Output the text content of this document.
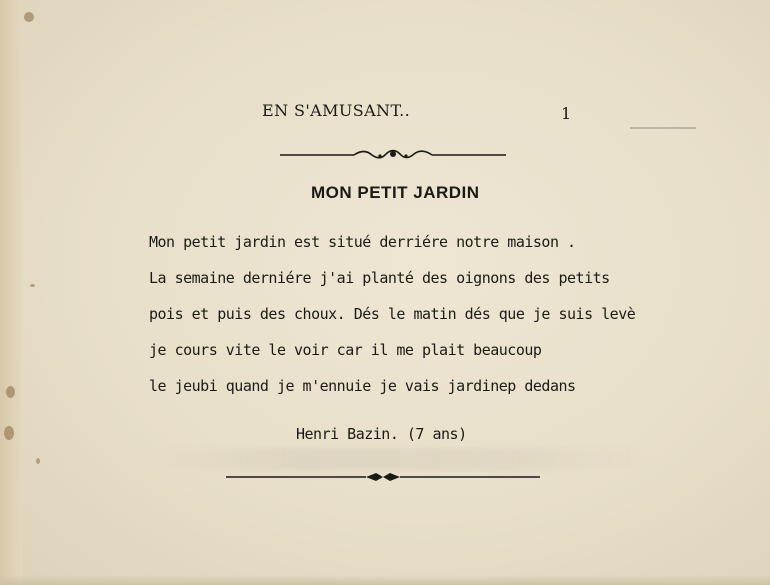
EN S'AMUSANT..	1
MON PETIT JARDIN
Mon petit jardin est situé derriére notre maison .
La semaine derniére j'ai planté des oignons des petits
pois et puis des choux. Dés le matin dés que je suis levè
je cours vite le voir car il me plait beaucoup
le jeubi quand je m'ennuie je vais jardinep dedans
Henri Bazin. (7 ans)
